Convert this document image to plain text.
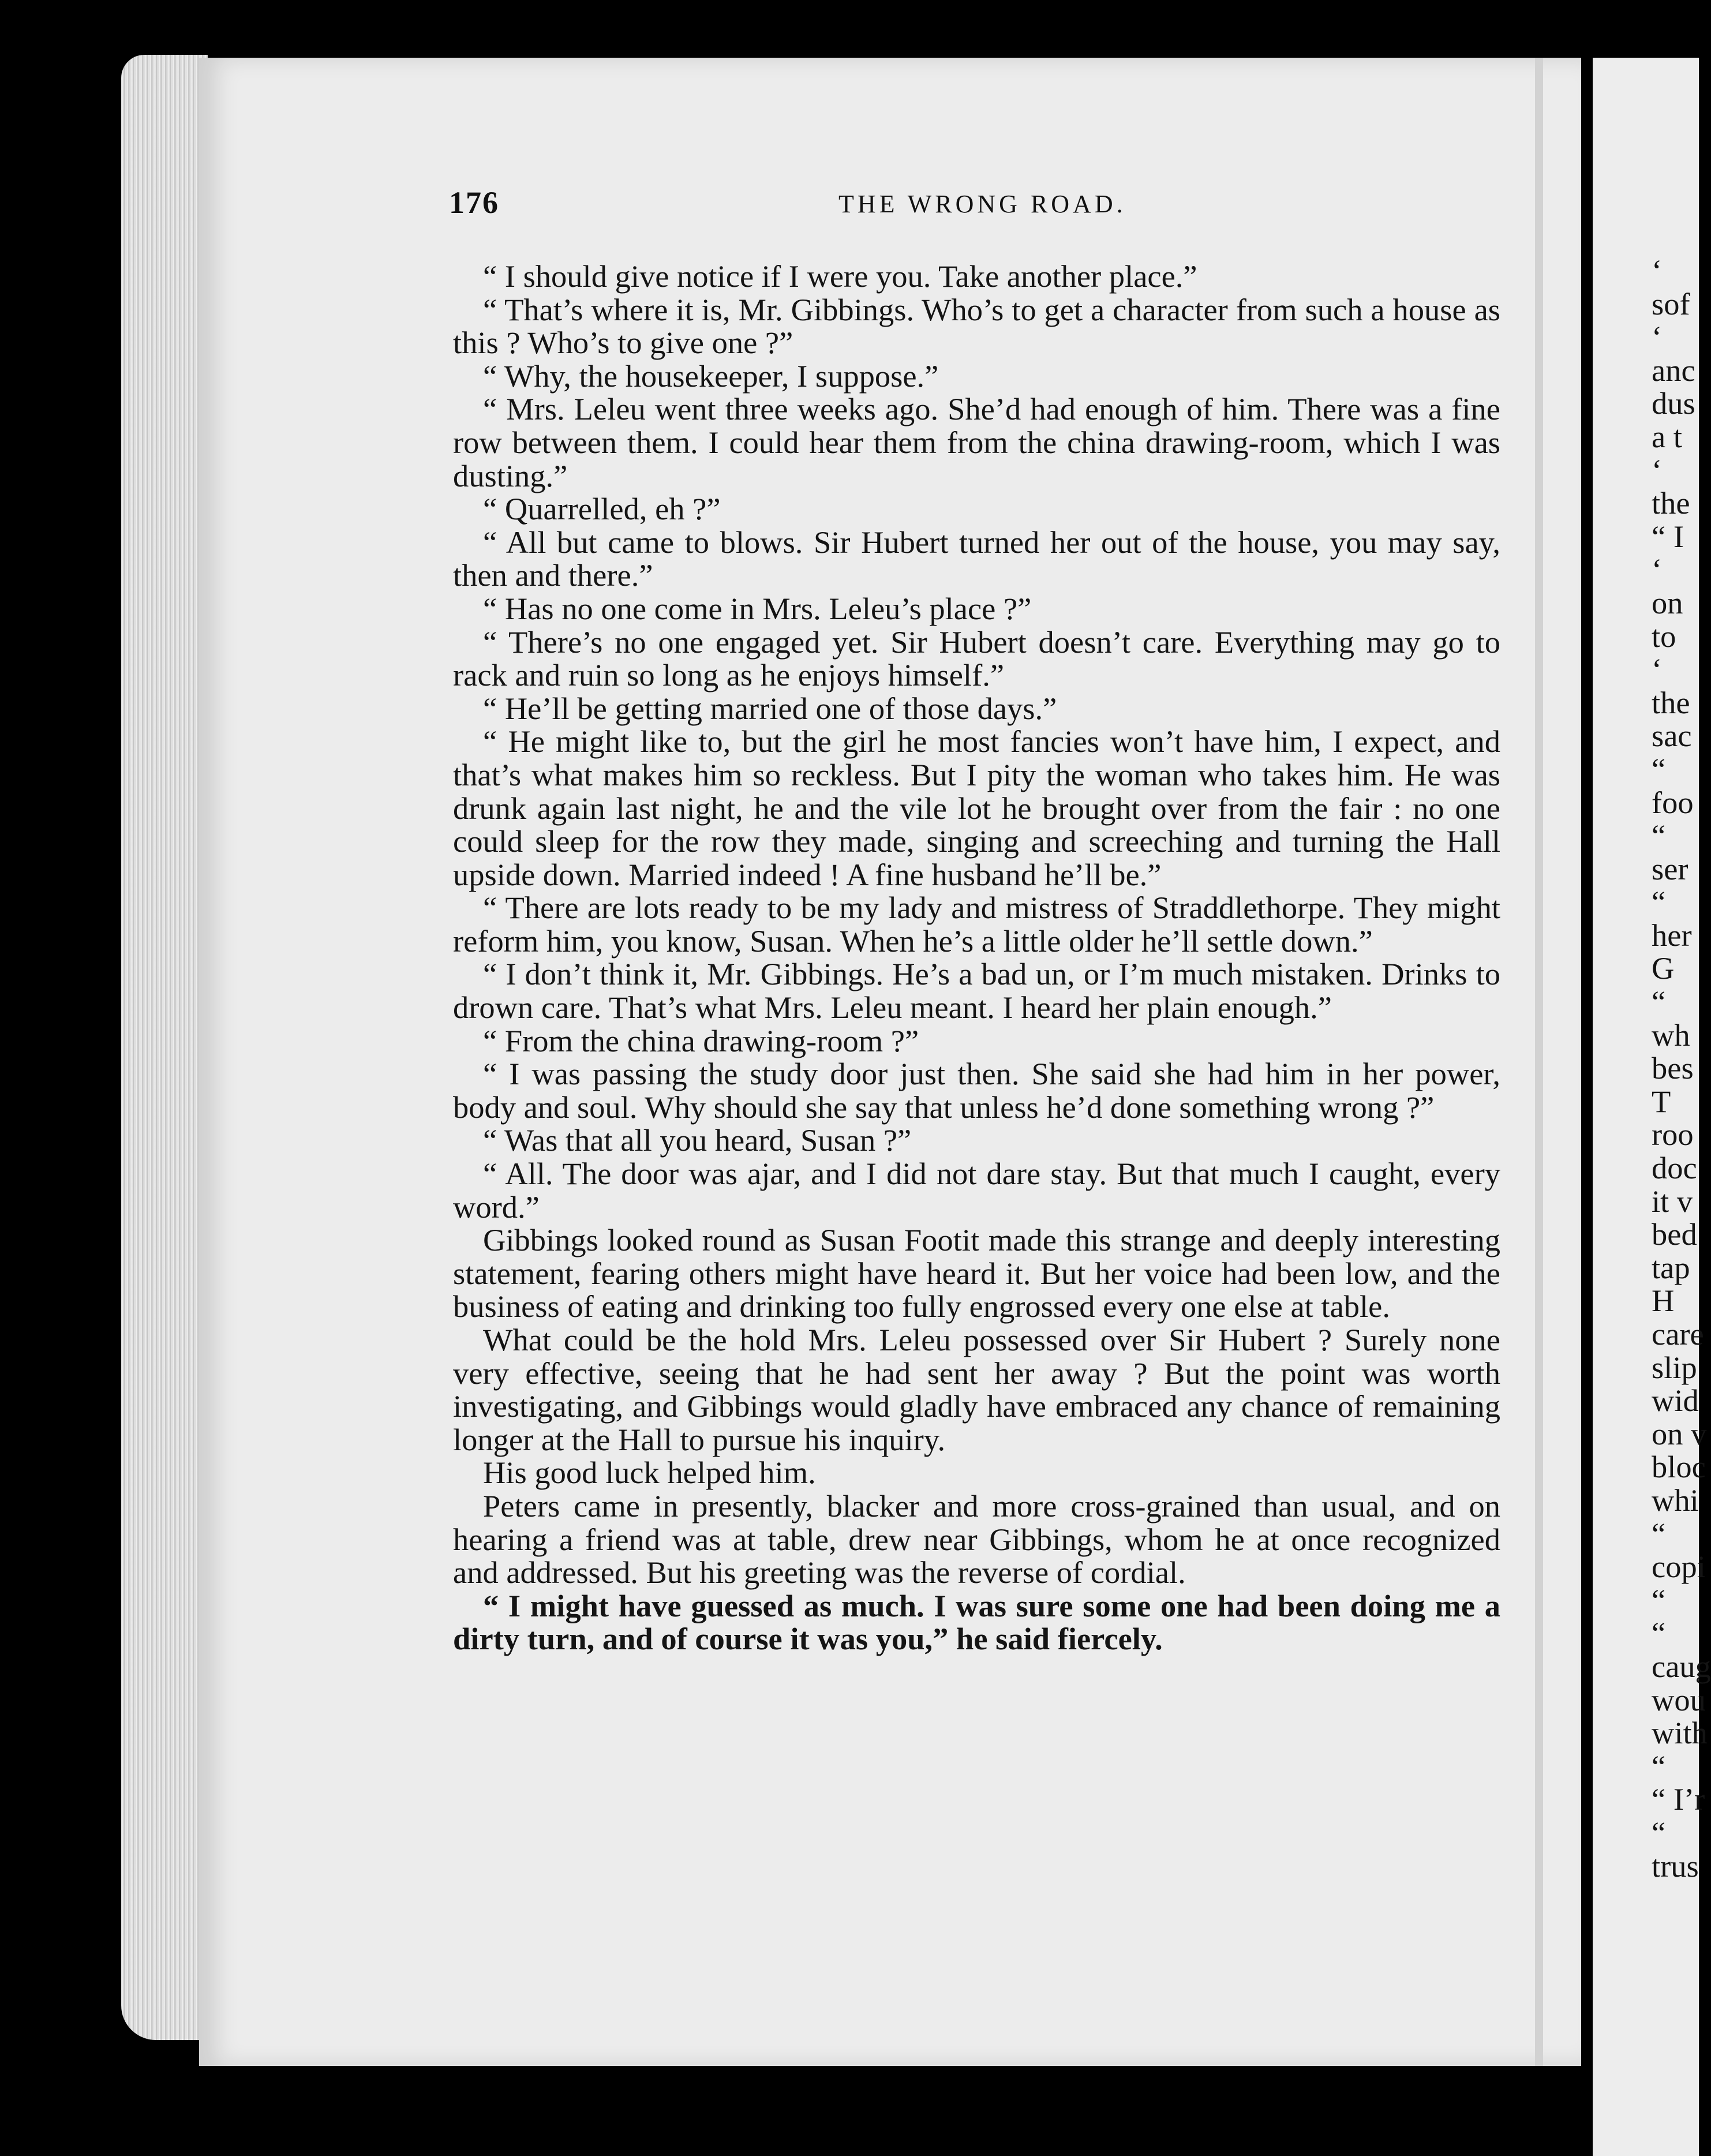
176	THE WRONG ROAD.

“ I should give notice if I were you. Take another place.”

“ That’s where it is, Mr. Gibbings. Who’s to get a character from such a house as this ? Who’s to give one ?”

“ Why, the housekeeper, I suppose.”

“ Mrs. Leleu went three weeks ago. She’d had enough of him. There was a fine row between them. I could hear them from the china drawing-room, which I was dusting.”

“ Quarrelled, eh ?”

“ All but came to blows. Sir Hubert turned her out of the house, you may say, then and there.”

“ Has no one come in Mrs. Leleu’s place ?”

“ There’s no one engaged yet. Sir Hubert doesn’t care. Everything may go to rack and ruin so long as he enjoys himself.”

“ He’ll be getting married one of those days.”

“ He might like to, but the girl he most fancies won’t have him, I expect, and that’s what makes him so reckless. But I pity the woman who takes him. He was drunk again last night, he and the vile lot he brought over from the fair : no one could sleep for the row they made, singing and screeching and turning the Hall upside down. Married indeed ! A fine husband he’ll be.”

“ There are lots ready to be my lady and mistress of Straddlethorpe. They might reform him, you know, Susan. When he’s a little older he’ll settle down.”

“ I don’t think it, Mr. Gibbings. He’s a bad un, or I’m much mistaken. Drinks to drown care. That’s what Mrs. Leleu meant. I heard her plain enough.”

“ From the china drawing-room ?”

“ I was passing the study door just then. She said she had him in her power, body and soul. Why should she say that unless he’d done something wrong ?”

“ Was that all you heard, Susan ?”

“ All. The door was ajar, and I did not dare stay. But that much I caught, every word.”

Gibbings looked round as Susan Footit made this strange and deeply interesting statement, fearing others might have heard it. But her voice had been low, and the business of eating and drinking too fully engrossed every one else at table.

What could be the hold Mrs. Leleu possessed over Sir Hubert ? Surely none very effective, seeing that he had sent her away ? But the point was worth investigating, and Gibbings would gladly have embraced any chance of remaining longer at the Hall to pursue his inquiry.

His good luck helped him.

Peters came in presently, blacker and more cross-grained than usual, and on hearing a friend was at table, drew near Gibbings, whom he at once recognized and addressed. But his greeting was the reverse of cordial.

“ I might have guessed as much. I was sure some one had been doing me a dirty turn, and of course it was you,” he said fiercely.

‘
sof
‘
anc
dus
a t
‘
the
“ I
‘
on
to
‘
the
sac
“
foo
“
ser
“
her
G
“
wh
bes
T
roo
doc
it v
bed
tap
H
care
slip
wid
on v
bloc
whi
“
copi
“
“
caug
wou
with
“
“ I’r
“
trus
